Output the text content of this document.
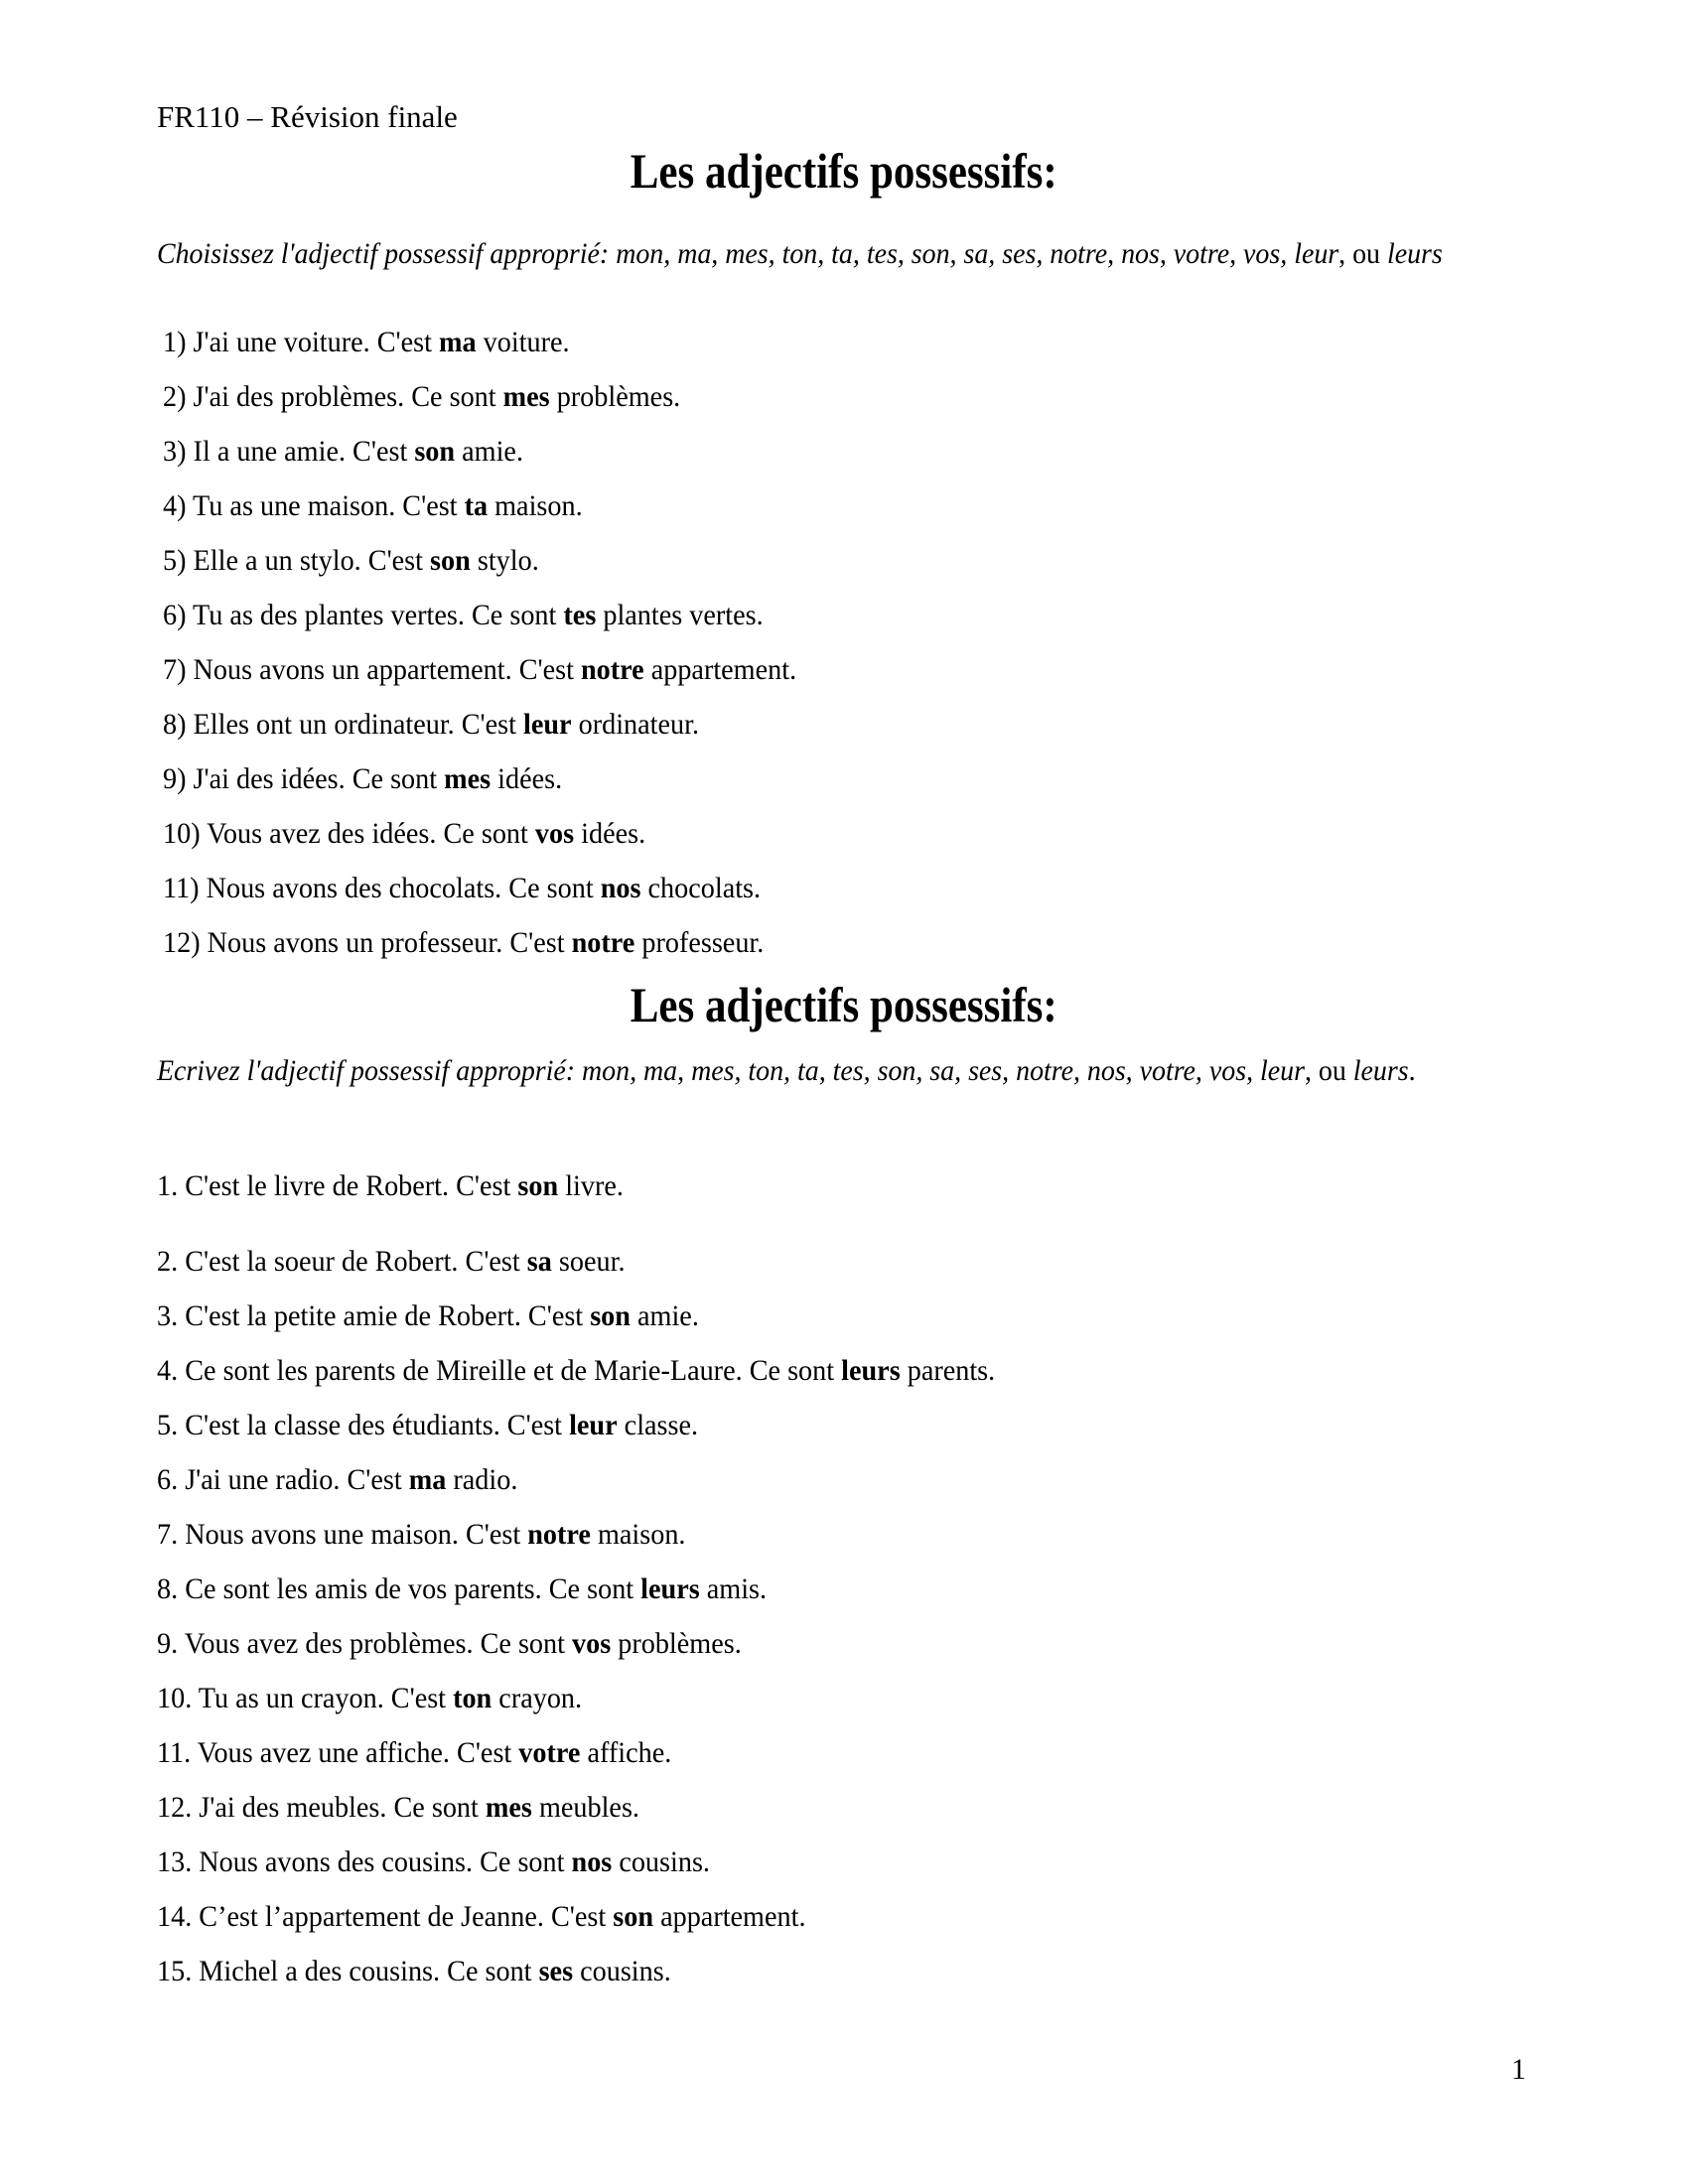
FR110 – Révision finale
Les adjectifs possessifs:
Choisissez l'adjectif possessif approprié: mon, ma, mes, ton, ta, tes, son, sa, ses, notre, nos, votre, vos, leur, ou leurs
1) J'ai une voiture. C'est ma voiture.
2) J'ai des problèmes. Ce sont mes problèmes.
3) Il a une amie. C'est son amie.
4) Tu as une maison. C'est ta maison.
5) Elle a un stylo. C'est son stylo.
6) Tu as des plantes vertes. Ce sont tes plantes vertes.
7) Nous avons un appartement. C'est notre appartement.
8) Elles ont un ordinateur. C'est leur ordinateur.
9) J'ai des idées. Ce sont mes idées.
10) Vous avez des idées. Ce sont vos idées.
11) Nous avons des chocolats. Ce sont nos chocolats.
12) Nous avons un professeur. C'est notre professeur.
Les adjectifs possessifs:
Ecrivez l'adjectif possessif approprié: mon, ma, mes, ton, ta, tes, son, sa, ses, notre, nos, votre, vos, leur, ou leurs.
1. C'est le livre de Robert. C'est son livre.
2. C'est la soeur de Robert. C'est sa soeur.
3. C'est la petite amie de Robert. C'est son amie.
4. Ce sont les parents de Mireille et de Marie-Laure. Ce sont leurs parents.
5. C'est la classe des étudiants. C'est leur classe.
6. J'ai une radio. C'est ma radio.
7. Nous avons une maison. C'est notre maison.
8. Ce sont les amis de vos parents. Ce sont leurs amis.
9. Vous avez des problèmes. Ce sont vos problèmes.
10. Tu as un crayon. C'est ton crayon.
11. Vous avez une affiche. C'est votre affiche.
12. J'ai des meubles. Ce sont mes meubles.
13. Nous avons des cousins. Ce sont nos cousins.
14. C’est l’appartement de Jeanne. C'est son appartement.
15. Michel a des cousins. Ce sont ses cousins.
1
